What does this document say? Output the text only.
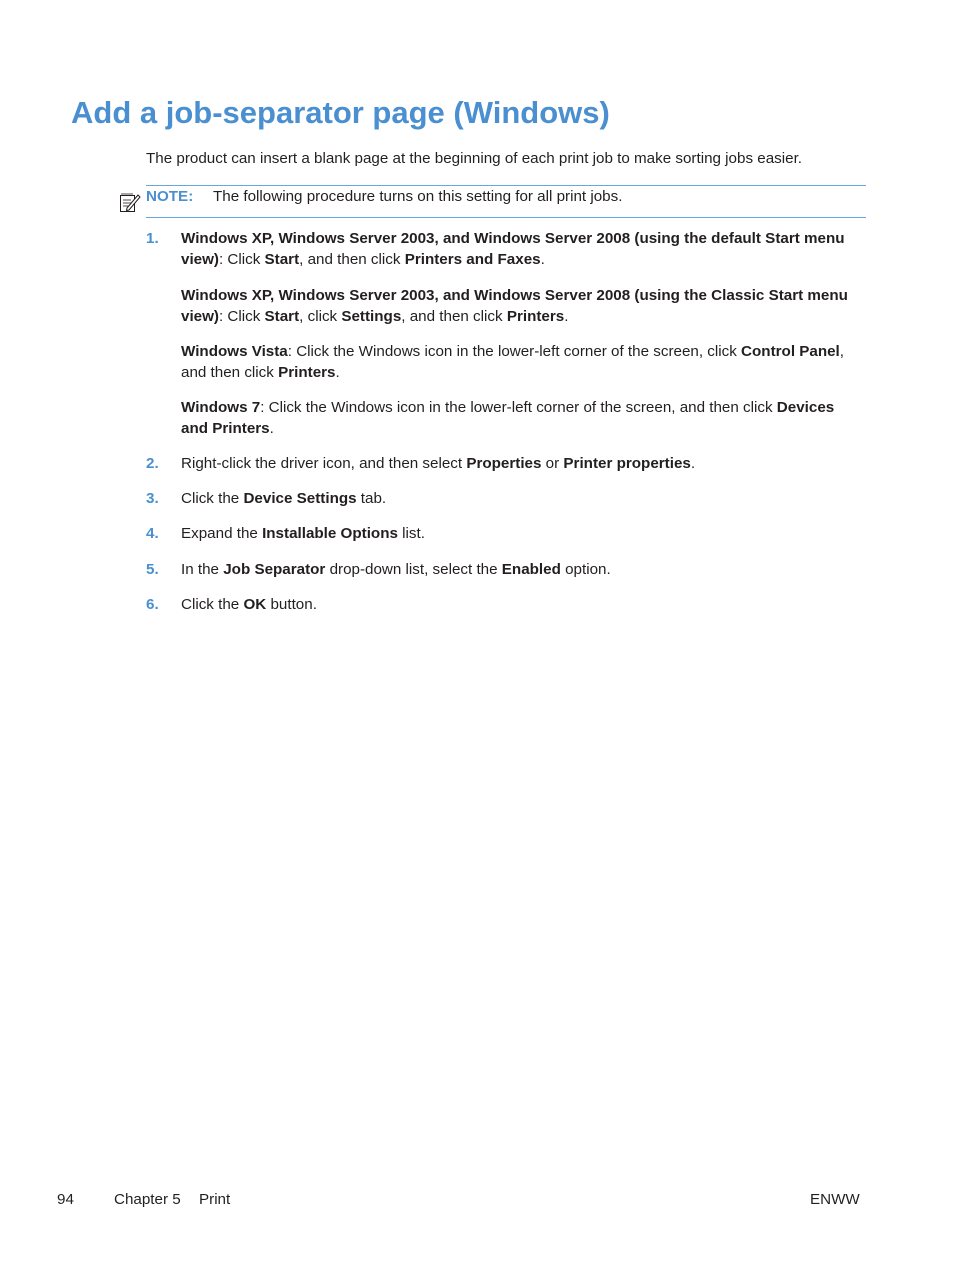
Add a job-separator page (Windows)

The product can insert a blank page at the beginning of each print job to make sorting jobs easier.

NOTE: The following procedure turns on this setting for all print jobs.
1. Windows XP, Windows Server 2003, and Windows Server 2008 (using the default Start menu view): Click Start, and then click Printers and Faxes.

Windows XP, Windows Server 2003, and Windows Server 2008 (using the Classic Start menu view): Click Start, click Settings, and then click Printers.

Windows Vista: Click the Windows icon in the lower-left corner of the screen, click Control Panel, and then click Printers.

Windows 7: Click the Windows icon in the lower-left corner of the screen, and then click Devices and Printers.

2. Right-click the driver icon, and then select Properties or Printer properties.

3. Click the Device Settings tab.

4. Expand the Installable Options list.

5. In the Job Separator drop-down list, select the Enabled option.

6. Click the OK button.

94	Chapter 5 Print	ENWW
